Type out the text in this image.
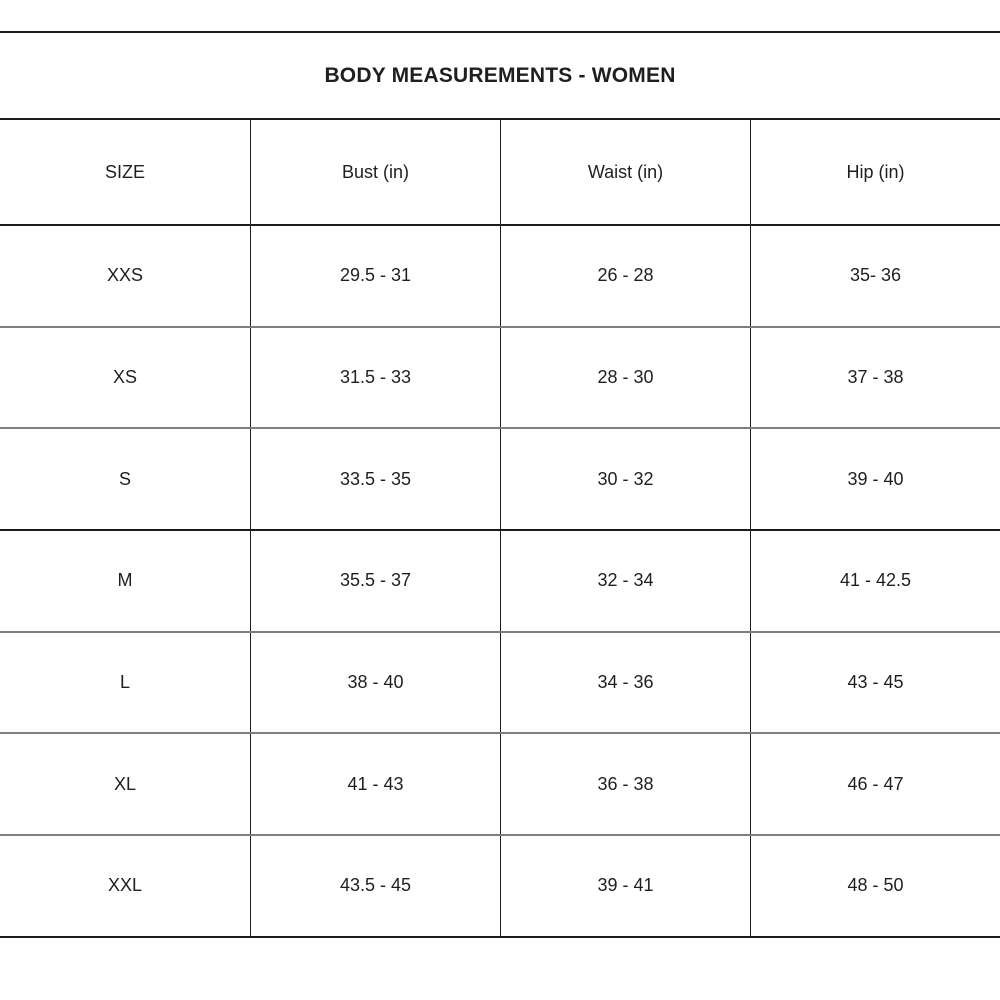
BODY MEASUREMENTS - WOMEN
SIZE	Bust (in)	Waist (in)	Hip (in)
XXS	29.5 - 31	26 - 28	35- 36
XS	31.5 - 33	28 - 30	37 - 38
S	33.5 - 35	30 - 32	39 - 40
M	35.5 - 37	32 - 34	41 - 42.5
L	38 - 40	34 - 36	43 - 45
XL	41 - 43	36 - 38	46 - 47
XXL	43.5 - 45	39 - 41	48 - 50
